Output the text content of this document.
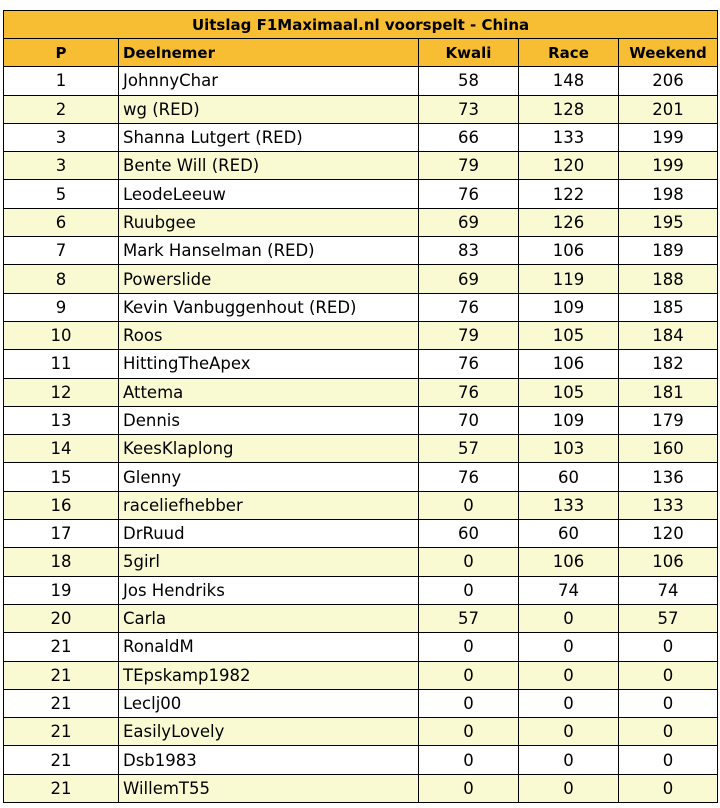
Uitslag F1Maximaal.nl voorspelt - China				
P	Deelnemer	Kwali	Race	Weekend
1	JohnnyChar	58	148	206
2	wg (RED)	73	128	201
3	Shanna Lutgert (RED)	66	133	199
3	Bente Will (RED)	79	120	199
5	LeodeLeeuw	76	122	198
6	Ruubgee	69	126	195
7	Mark Hanselman (RED)	83	106	189
8	Powerslide	69	119	188
9	Kevin Vanbuggenhout (RED)	76	109	185
10	Roos	79	105	184
11	HittingTheApex	76	106	182
12	Attema	76	105	181
13	Dennis	70	109	179
14	KeesKlaplong	57	103	160
15	Glenny	76	60	136
16	raceliefhebber	0	133	133
17	DrRuud	60	60	120
18	5girl	0	106	106
19	Jos Hendriks	0	74	74
20	Carla	57	0	57
21	RonaldM	0	0	0
21	TEpskamp1982	0	0	0
21	Leclj00	0	0	0
21	EasilyLovely	0	0	0
21	Dsb1983	0	0	0
21	WillemT55	0	0	0
